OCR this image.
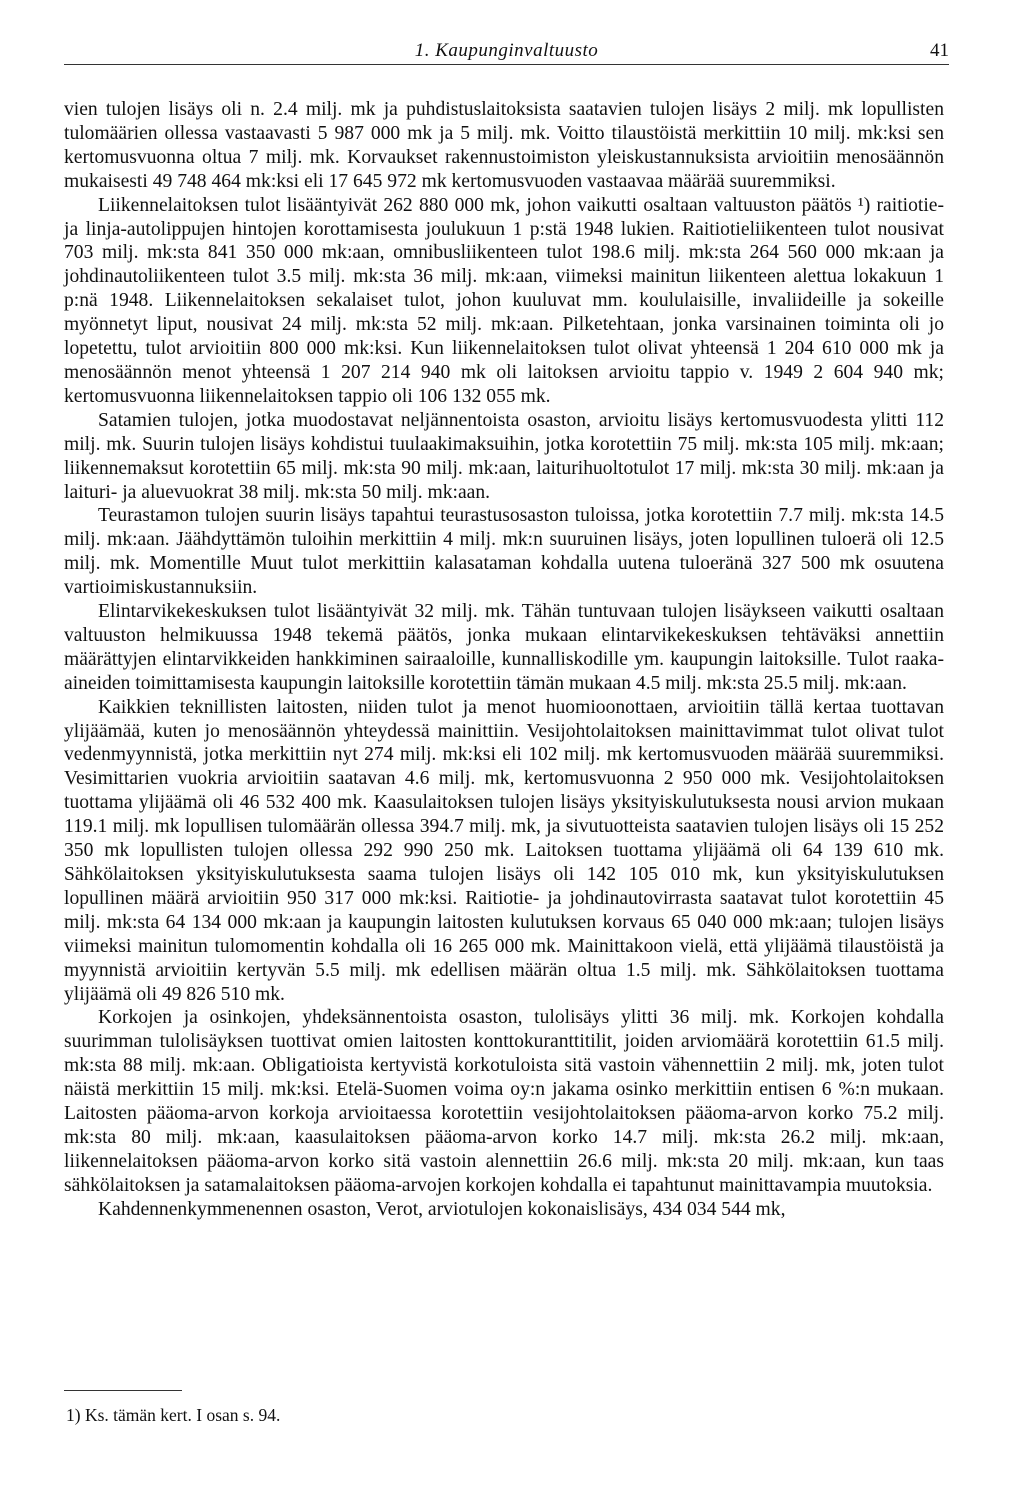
1. Kaupunginvaltuusto	41

vien tulojen lisäys oli n. 2.4 milj. mk ja puhdistuslaitoksista saatavien tulojen lisäys 2 milj. mk lopullisten tulomäärien ollessa vastaavasti 5 987 000 mk ja 5 milj. mk. Voitto tilaustöistä merkittiin 10 milj. mk:ksi sen kertomusvuonna oltua 7 milj. mk. Korvaukset rakennustoimiston yleiskustannuksista arvioitiin menosäännön mukaisesti 49 748 464 mk:ksi eli 17 645 972 mk kertomusvuoden vastaavaa määrää suuremmiksi.

Liikennelaitoksen tulot lisääntyivät 262 880 000 mk, johon vaikutti osaltaan valtuuston päätös ¹) raitiotie- ja linja-autolippujen hintojen korottamisesta joulukuun 1 p:stä 1948 lukien. Raitiotieliikenteen tulot nousivat 703 milj. mk:sta 841 350 000 mk:aan, omnibusliikenteen tulot 198.6 milj. mk:sta 264 560 000 mk:aan ja johdinautoliikenteen tulot 3.5 milj. mk:sta 36 milj. mk:aan, viimeksi mainitun liikenteen alettua lokakuun 1 p:nä 1948. Liikennelaitoksen sekalaiset tulot, johon kuuluvat mm. koululaisille, invaliideille ja sokeille myönnetyt liput, nousivat 24 milj. mk:sta 52 milj. mk:aan. Pilketehtaan, jonka varsinainen toiminta oli jo lopetettu, tulot arvioitiin 800 000 mk:ksi. Kun liikennelaitoksen tulot olivat yhteensä 1 204 610 000 mk ja menosäännön menot yhteensä 1 207 214 940 mk oli laitoksen arvioitu tappio v. 1949 2 604 940 mk; kertomusvuonna liikennelaitoksen tappio oli 106 132 055 mk.

Satamien tulojen, jotka muodostavat neljännentoista osaston, arvioitu lisäys kertomusvuodesta ylitti 112 milj. mk. Suurin tulojen lisäys kohdistui tuulaakimaksuihin, jotka korotettiin 75 milj. mk:sta 105 milj. mk:aan; liikennemaksut korotettiin 65 milj. mk:sta 90 milj. mk:aan, laiturihuoltotulot 17 milj. mk:sta 30 milj. mk:aan ja laituri- ja aluevuokrat 38 milj. mk:sta 50 milj. mk:aan.

Teurastamon tulojen suurin lisäys tapahtui teurastusosaston tuloissa, jotka korotettiin 7.7 milj. mk:sta 14.5 milj. mk:aan. Jäähdyttämön tuloihin merkittiin 4 milj. mk:n suuruinen lisäys, joten lopullinen tuloerä oli 12.5 milj. mk. Momentille Muut tulot merkittiin kalasataman kohdalla uutena tuloeränä 327 500 mk osuutena vartioimiskustannuksiin.

Elintarvikekeskuksen tulot lisääntyivät 32 milj. mk. Tähän tuntuvaan tulojen lisäykseen vaikutti osaltaan valtuuston helmikuussa 1948 tekemä päätös, jonka mukaan elintarvikekeskuksen tehtäväksi annettiin määrättyjen elintarvikkeiden hankkiminen sairaaloille, kunnalliskodille ym. kaupungin laitoksille. Tulot raaka-aineiden toimittamisesta kaupungin laitoksille korotettiin tämän mukaan 4.5 milj. mk:sta 25.5 milj. mk:aan.

Kaikkien teknillisten laitosten, niiden tulot ja menot huomioonottaen, arvioitiin tällä kertaa tuottavan ylijäämää, kuten jo menosäännön yhteydessä mainittiin. Vesijohtolaitoksen mainittavimmat tulot olivat tulot vedenmyynnistä, jotka merkittiin nyt 274 milj. mk:ksi eli 102 milj. mk kertomusvuoden määrää suuremmiksi. Vesimittarien vuokria arvioitiin saatavan 4.6 milj. mk, kertomusvuonna 2 950 000 mk. Vesijohtolaitoksen tuottama ylijäämä oli 46 532 400 mk. Kaasulaitoksen tulojen lisäys yksityiskulutuksesta nousi arvion mukaan 119.1 milj. mk lopullisen tulomäärän ollessa 394.7 milj. mk, ja sivutuotteista saatavien tulojen lisäys oli 15 252 350 mk lopullisten tulojen ollessa 292 990 250 mk. Laitoksen tuottama ylijäämä oli 64 139 610 mk. Sähkölaitoksen yksityiskulutuksesta saama tulojen lisäys oli 142 105 010 mk, kun yksityiskulutuksen lopullinen määrä arvioitiin 950 317 000 mk:ksi. Raitiotie- ja johdinautovirrasta saatavat tulot korotettiin 45 milj. mk:sta 64 134 000 mk:aan ja kaupungin laitosten kulutuksen korvaus 65 040 000 mk:aan; tulojen lisäys viimeksi mainitun tulomomentin kohdalla oli 16 265 000 mk. Mainittakoon vielä, että ylijäämä tilaustöistä ja myynnistä arvioitiin kertyvän 5.5 milj. mk edellisen määrän oltua 1.5 milj. mk. Sähkölaitoksen tuottama ylijäämä oli 49 826 510 mk.

Korkojen ja osinkojen, yhdeksännentoista osaston, tulolisäys ylitti 36 milj. mk. Korkojen kohdalla suurimman tulolisäyksen tuottivat omien laitosten konttokuranttitilit, joiden arviomäärä korotettiin 61.5 milj. mk:sta 88 milj. mk:aan. Obligatioista kertyvistä korkotuloista sitä vastoin vähennettiin 2 milj. mk, joten tulot näistä merkittiin 15 milj. mk:ksi. Etelä-Suomen voima oy:n jakama osinko merkittiin entisen 6 %:n mukaan. Laitosten pääoma-arvon korkoja arvioitaessa korotettiin vesijohtolaitoksen pääoma-arvon korko 75.2 milj. mk:sta 80 milj. mk:aan, kaasulaitoksen pääoma-arvon korko 14.7 milj. mk:sta 26.2 milj. mk:aan, liikennelaitoksen pääoma-arvon korko sitä vastoin alennettiin 26.6 milj. mk:sta 20 milj. mk:aan, kun taas sähkölaitoksen ja satamalaitoksen pääoma-arvojen korkojen kohdalla ei tapahtunut mainittavampia muutoksia.

Kahdennenkymmenennen osaston, Verot, arviotulojen kokonaislisäys, 434 034 544 mk,

1) Ks. tämän kert. I osan s. 94.
